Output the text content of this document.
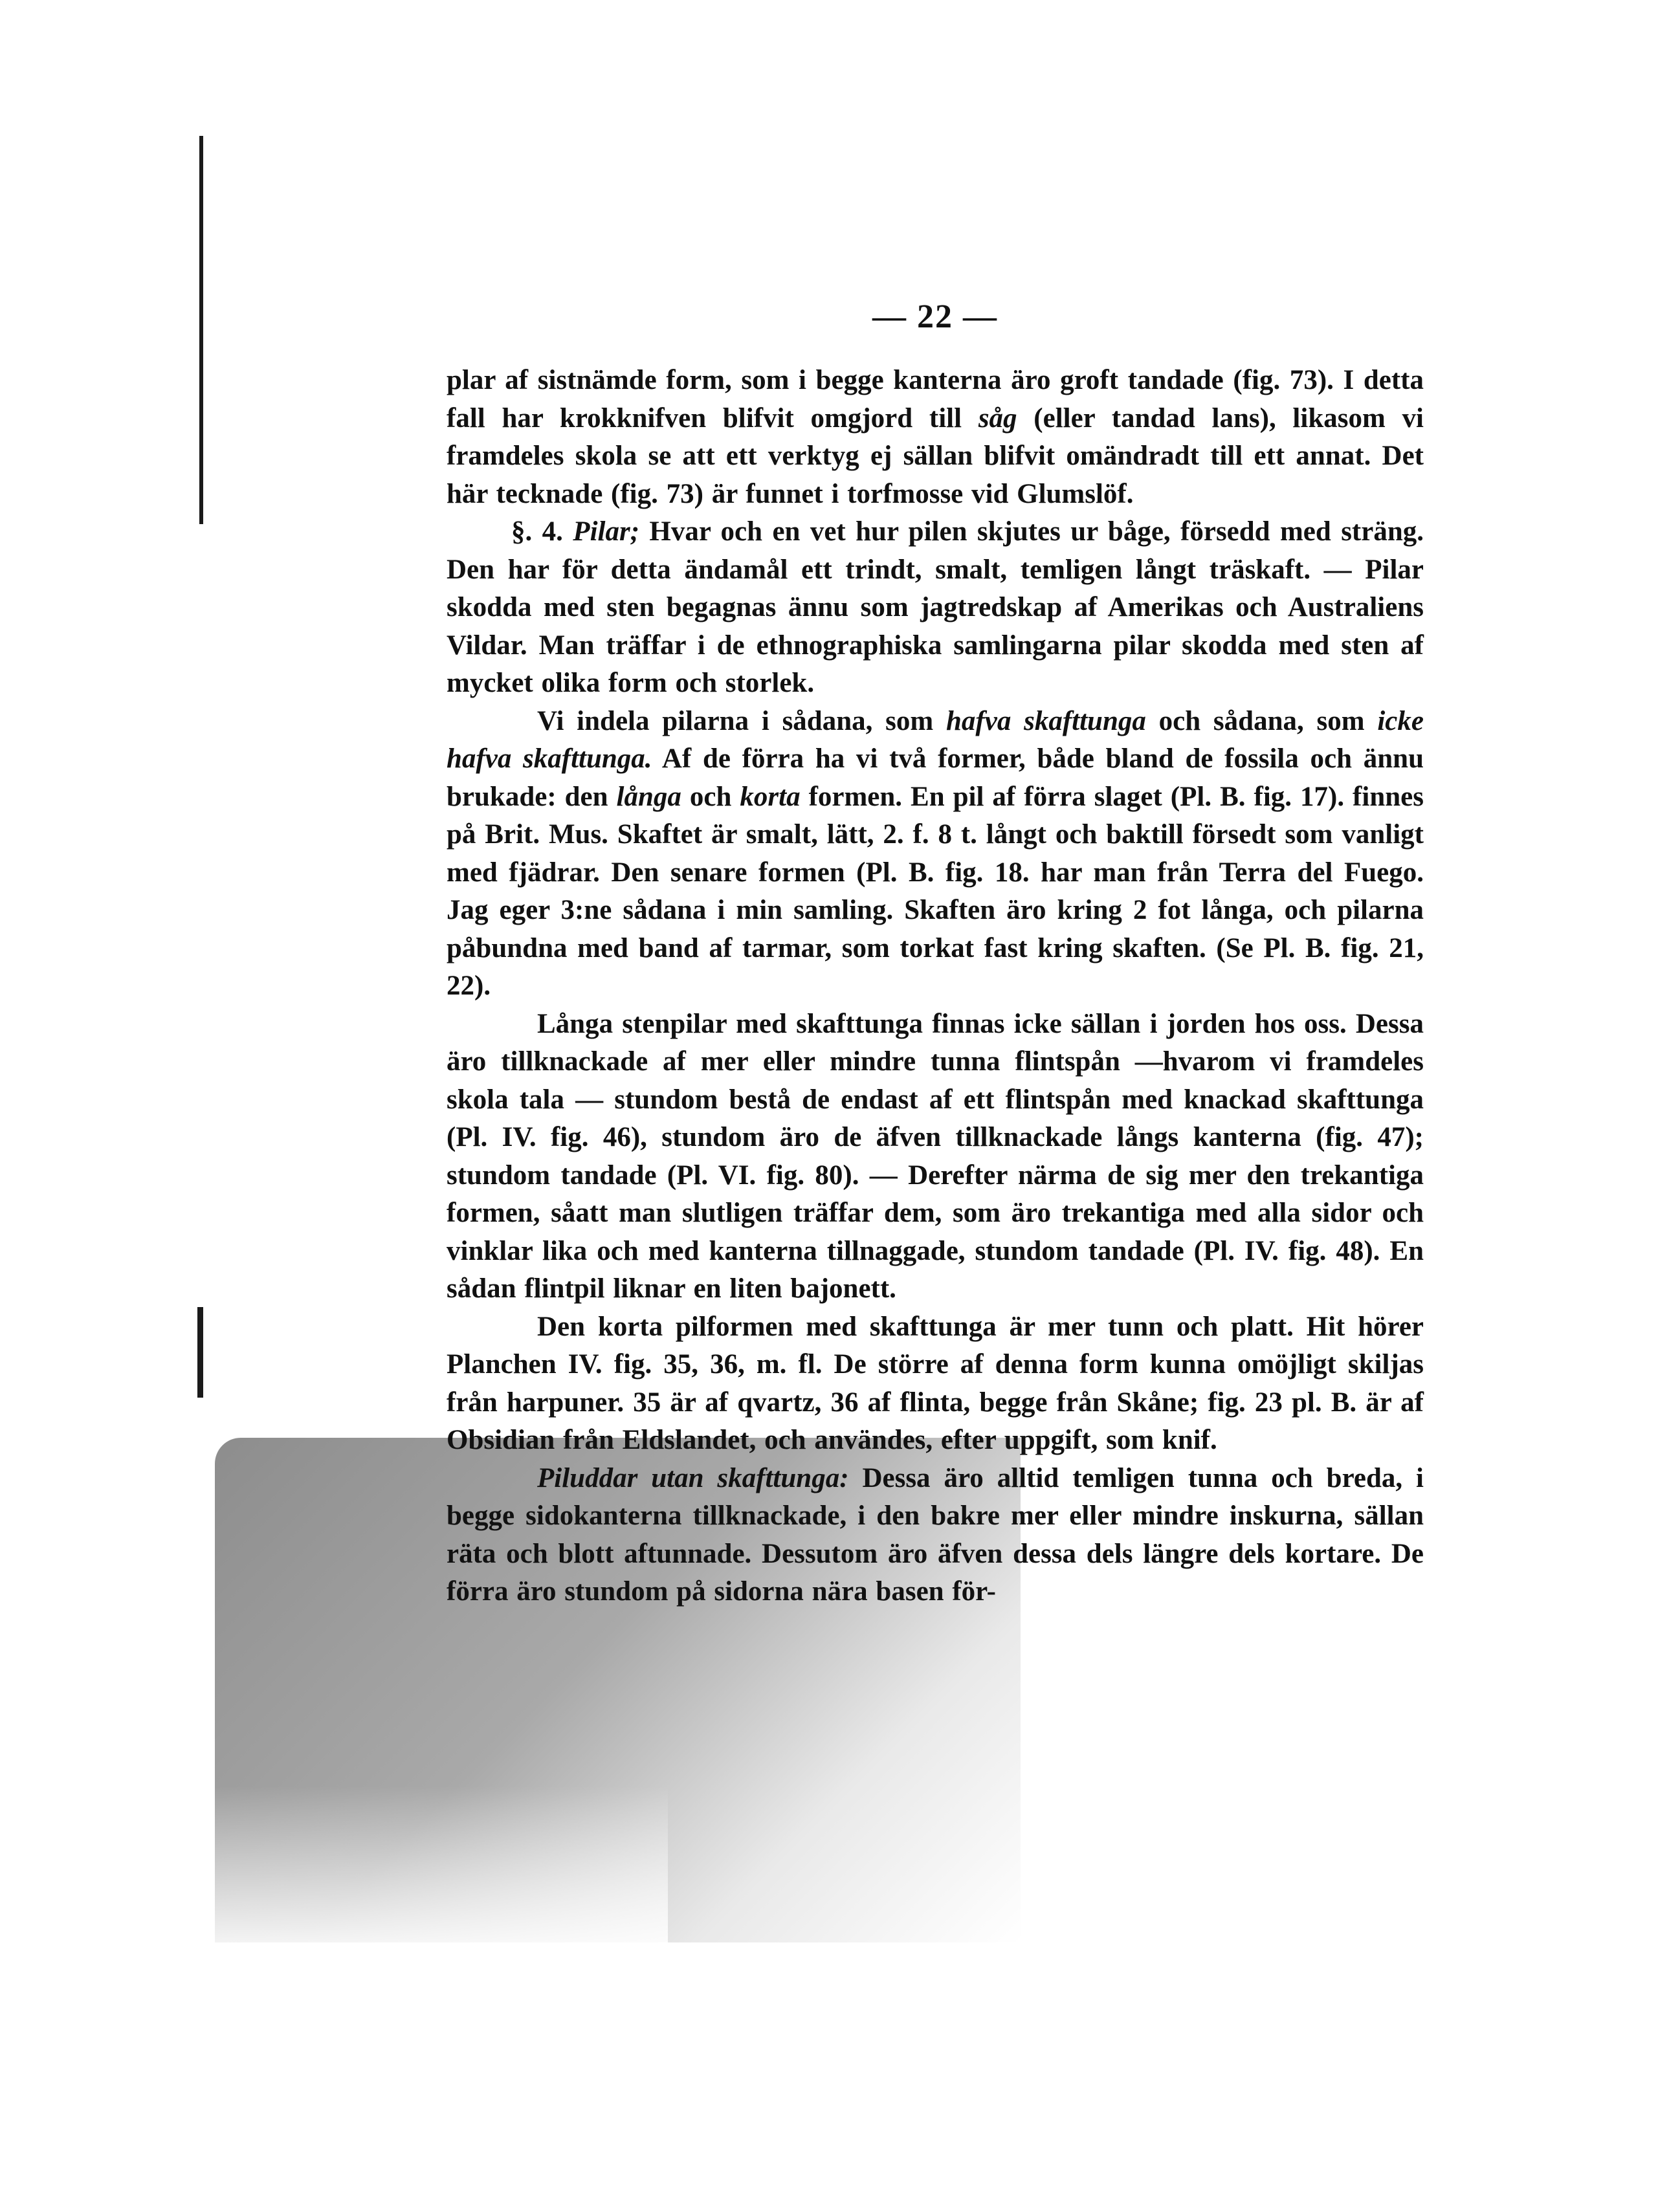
— 22 —

plar af sistnämde form, som i begge kanterna äro groft tandade (fig. 73). I detta fall har krokknifven blifvit omgjord till såg (eller tandad lans), likasom vi framdeles skola se att ett verktyg ej sällan blifvit omändradt till ett annat. Det här tecknade (fig. 73) är funnet i torfmosse vid Glumslöf.

§. 4. Pilar; Hvar och en vet hur pilen skjutes ur båge, försedd med sträng. Den har för detta ändamål ett trindt, smalt, temligen långt träskaft. — Pilar skodda med sten begagnas ännu som jagtredskap af Amerikas och Australiens Vildar. Man träffar i de ethnographiska samlingarna pilar skodda med sten af mycket olika form och storlek.

Vi indela pilarna i sådana, som hafva skafttunga och sådana, som icke hafva skafttunga. Af de förra ha vi två former, både bland de fossila och ännu brukade: den långa och korta formen. En pil af förra slaget (Pl. B. fig. 17). finnes på Brit. Mus. Skaftet är smalt, lätt, 2. f. 8 t. långt och baktill försedt som vanligt med fjädrar. Den senare formen (Pl. B. fig. 18. har man från Terra del Fuego. Jag eger 3:ne sådana i min samling. Skaften äro kring 2 fot långa, och pilarna påbundna med band af tarmar, som torkat fast kring skaften. (Se Pl. B. fig. 21, 22).

Långa stenpilar med skafttunga finnas icke sällan i jorden hos oss. Dessa äro tillknackade af mer eller mindre tunna flintspån —hvarom vi framdeles skola tala — stundom bestå de endast af ett flintspån med knackad skafttunga (Pl. IV. fig. 46), stundom äro de äfven tillknackade långs kanterna (fig. 47); stundom tandade (Pl. VI. fig. 80). — Derefter närma de sig mer den trekantiga formen, såatt man slutligen träffar dem, som äro trekantiga med alla sidor och vinklar lika och med kanterna tillnaggade, stundom tandade (Pl. IV. fig. 48). En sådan flintpil liknar en liten bajonett.

Den korta pilformen med skafttunga är mer tunn och platt. Hit hörer Planchen IV. fig. 35, 36, m. fl. De större af denna form kunna omöjligt skiljas från harpuner. 35 är af qvartz, 36 af flinta, begge från Skåne; fig. 23 pl. B. är af Obsidian från Eldslandet, och användes, efter uppgift, som knif.

Piluddar utan skafttunga: Dessa äro alltid temligen tunna och breda, i begge sidokanterna tillknackade, i den bakre mer eller mindre inskurna, sällan räta och blott aftunnade. Dessutom äro äfven dessa dels längre dels kortare. De förra äro stundom på sidorna nära basen för-
